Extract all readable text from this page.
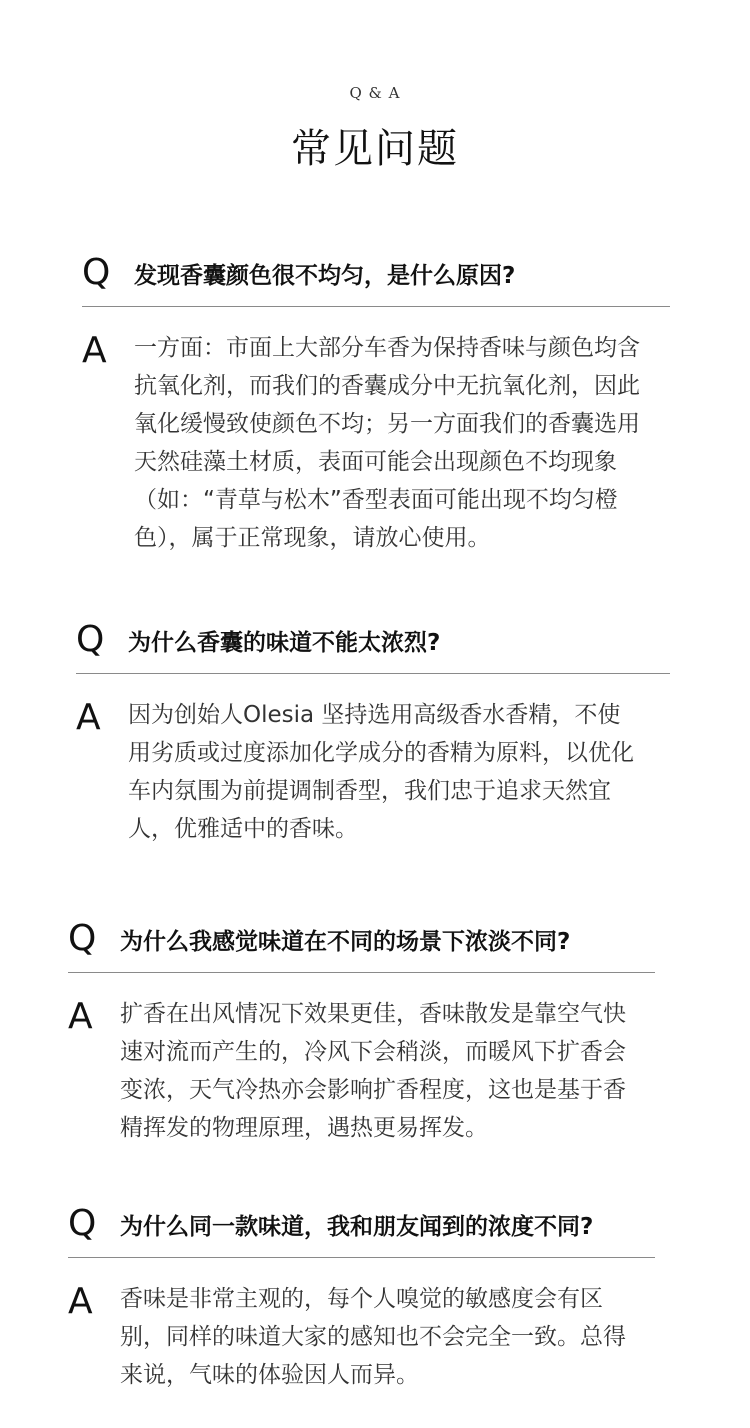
Q & A
常见问题
Q	发现香囊颜色很不均匀，是什么原因?
A	一方面：市面上大部分车香为保持香味与颜色均含抗氧化剂，而我们的香囊成分中无抗氧化剂，因此氧化缓慢致使颜色不均；另一方面我们的香囊选用天然硅藻土材质，表面可能会出现颜色不均现象（如：“青草与松木”香型表面可能出现不均匀橙色），属于正常现象，请放心使用。
Q	为什么香囊的味道不能太浓烈?
A	因为创始人Olesia 坚持选用高级香水香精，不使用劣质或过度添加化学成分的香精为原料，以优化车内氛围为前提调制香型，我们忠于追求天然宜人，优雅适中的香味。
Q	为什么我感觉味道在不同的场景下浓淡不同?
A	扩香在出风情况下效果更佳，香味散发是靠空气快速对流而产生的，冷风下会稍淡，而暖风下扩香会变浓，天气冷热亦会影响扩香程度，这也是基于香精挥发的物理原理，遇热更易挥发。
Q	为什么同一款味道，我和朋友闻到的浓度不同?
A	香味是非常主观的，每个人嗅觉的敏感度会有区别，同样的味道大家的感知也不会完全一致。总得来说，气味的体验因人而异。
